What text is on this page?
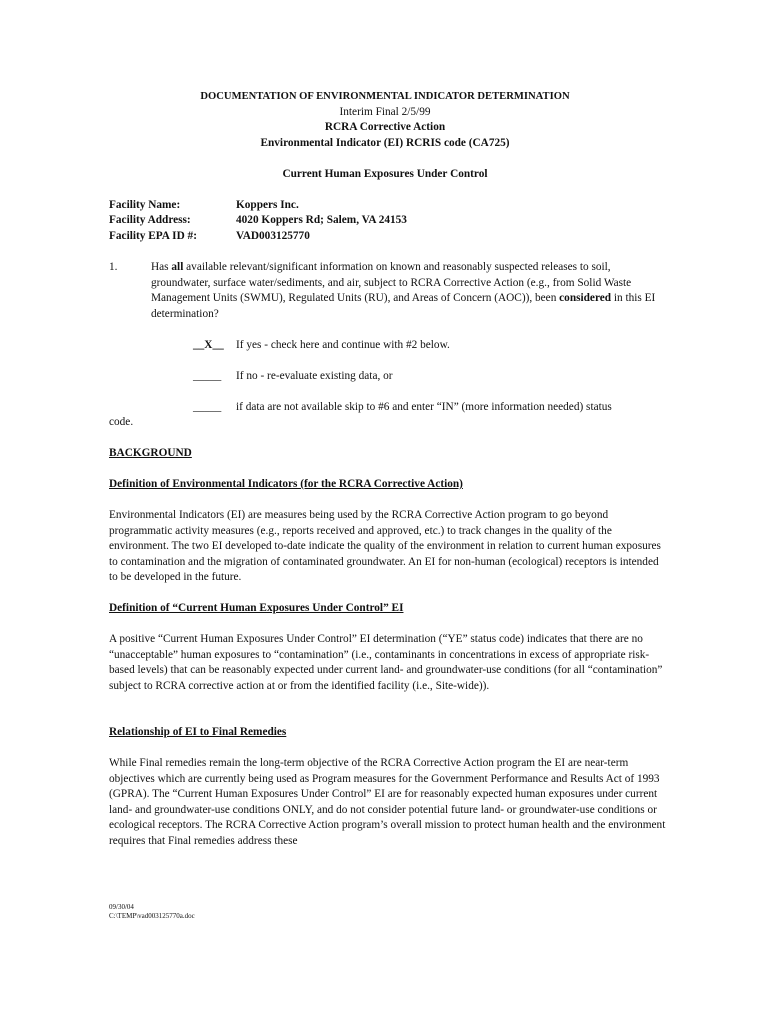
DOCUMENTATION OF ENVIRONMENTAL INDICATOR DETERMINATION
Interim Final 2/5/99
RCRA Corrective Action
Environmental Indicator (EI) RCRIS code (CA725)
Current Human Exposures Under Control
Facility Name:	Koppers Inc.
Facility Address:	4020 Koppers Rd; Salem, VA 24153
Facility EPA ID #:	VAD003125770
1.	Has all available relevant/significant information on known and reasonably suspected releases to soil, groundwater, surface water/sediments, and air, subject to RCRA Corrective Action (e.g., from Solid Waste Management Units (SWMU), Regulated Units (RU), and Areas of Concern (AOC)), been considered in this EI determination?

__X__ If yes - check here and continue with #2 below.
_____ If no - re-evaluate existing data, or
_____ if data are not available skip to #6 and enter “IN” (more information needed) status
code.
BACKGROUND
Definition of Environmental Indicators (for the RCRA Corrective Action)

Environmental Indicators (EI) are measures being used by the RCRA Corrective Action program to go beyond programmatic activity measures (e.g., reports received and approved, etc.) to track changes in the quality of the environment. The two EI developed to-date indicate the quality of the environment in relation to current human exposures to contamination and the migration of contaminated groundwater. An EI for non-human (ecological) receptors is intended to be developed in the future.

Definition of “Current Human Exposures Under Control” EI

A positive “Current Human Exposures Under Control” EI determination (“YE” status code) indicates that there are no “unacceptable” human exposures to “contamination” (i.e., contaminants in concentrations in excess of appropriate risk-based levels) that can be reasonably expected under current land- and groundwater-use conditions (for all “contamination” subject to RCRA corrective action at or from the identified facility (i.e., Site-wide)).

Relationship of EI to Final Remedies

While Final remedies remain the long-term objective of the RCRA Corrective Action program the EI are near-term objectives which are currently being used as Program measures for the Government Performance and Results Act of 1993 (GPRA). The “Current Human Exposures Under Control” EI are for reasonably expected human exposures under current land- and groundwater-use conditions ONLY, and do not consider potential future land- or groundwater-use conditions or ecological receptors. The RCRA Corrective Action program’s overall mission to protect human health and the environment requires that Final remedies address these

09/30/04
C:\TEMP\vad003125770a.doc
